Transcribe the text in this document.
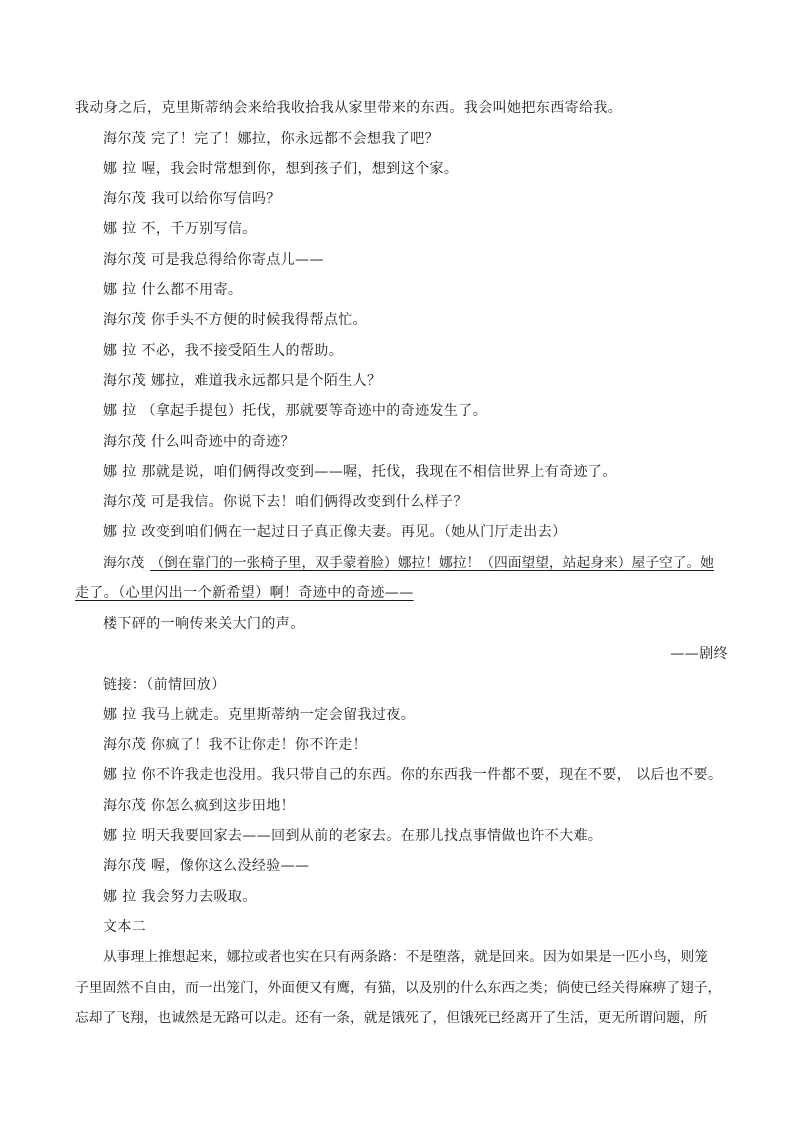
我动身之后，克里斯蒂纳会来给我收拾我从家里带来的东西。我会叫她把东西寄给我。
海尔茂 完了！完了！娜拉，你永远都不会想我了吧？
娜 拉 喔，我会时常想到你，想到孩子们，想到这个家。
海尔茂 我可以给你写信吗？
娜 拉 不，千万别写信。
海尔茂 可是我总得给你寄点儿——
娜 拉 什么都不用寄。
海尔茂 你手头不方便的时候我得帮点忙。
娜 拉 不必，我不接受陌生人的帮助。
海尔茂 娜拉，难道我永远都只是个陌生人？
娜 拉 （拿起手提包）托伐，那就要等奇迹中的奇迹发生了。
海尔茂 什么叫奇迹中的奇迹？
娜 拉 那就是说，咱们俩得改变到——喔，托伐，我现在不相信世界上有奇迹了。
海尔茂 可是我信。你说下去！咱们俩得改变到什么样子？
娜 拉 改变到咱们俩在一起过日子真正像夫妻。再见。（她从门厅走出去）
海尔茂 （倒在靠门的一张椅子里，双手蒙着脸）娜拉！娜拉！（四面望望，站起身来）屋子空了。她
走了。（心里闪出一个新希望）啊！奇迹中的奇迹——
楼下砰的一响传来关大门的声。
——剧终
链接：（前情回放）
娜 拉 我马上就走。克里斯蒂纳一定会留我过夜。
海尔茂 你疯了！我不让你走！你不许走！
娜 拉 你不许我走也没用。我只带自己的东西。你的东西我一件都不要，现在不要， 以后也不要。
海尔茂 你怎么疯到这步田地！
娜 拉 明天我要回家去——回到从前的老家去。在那儿找点事情做也许不大难。
海尔茂 喔，像你这么没经验——
娜 拉 我会努力去吸取。
文本二
从事理上推想起来，娜拉或者也实在只有两条路：不是堕落，就是回来。因为如果是一匹小鸟，则笼
子里固然不自由，而一出笼门，外面便又有鹰，有猫，以及别的什么东西之类；倘使已经关得麻痹了翅子，
忘却了飞翔，也诚然是无路可以走。还有一条，就是饿死了，但饿死已经离开了生活，更无所谓问题，所
